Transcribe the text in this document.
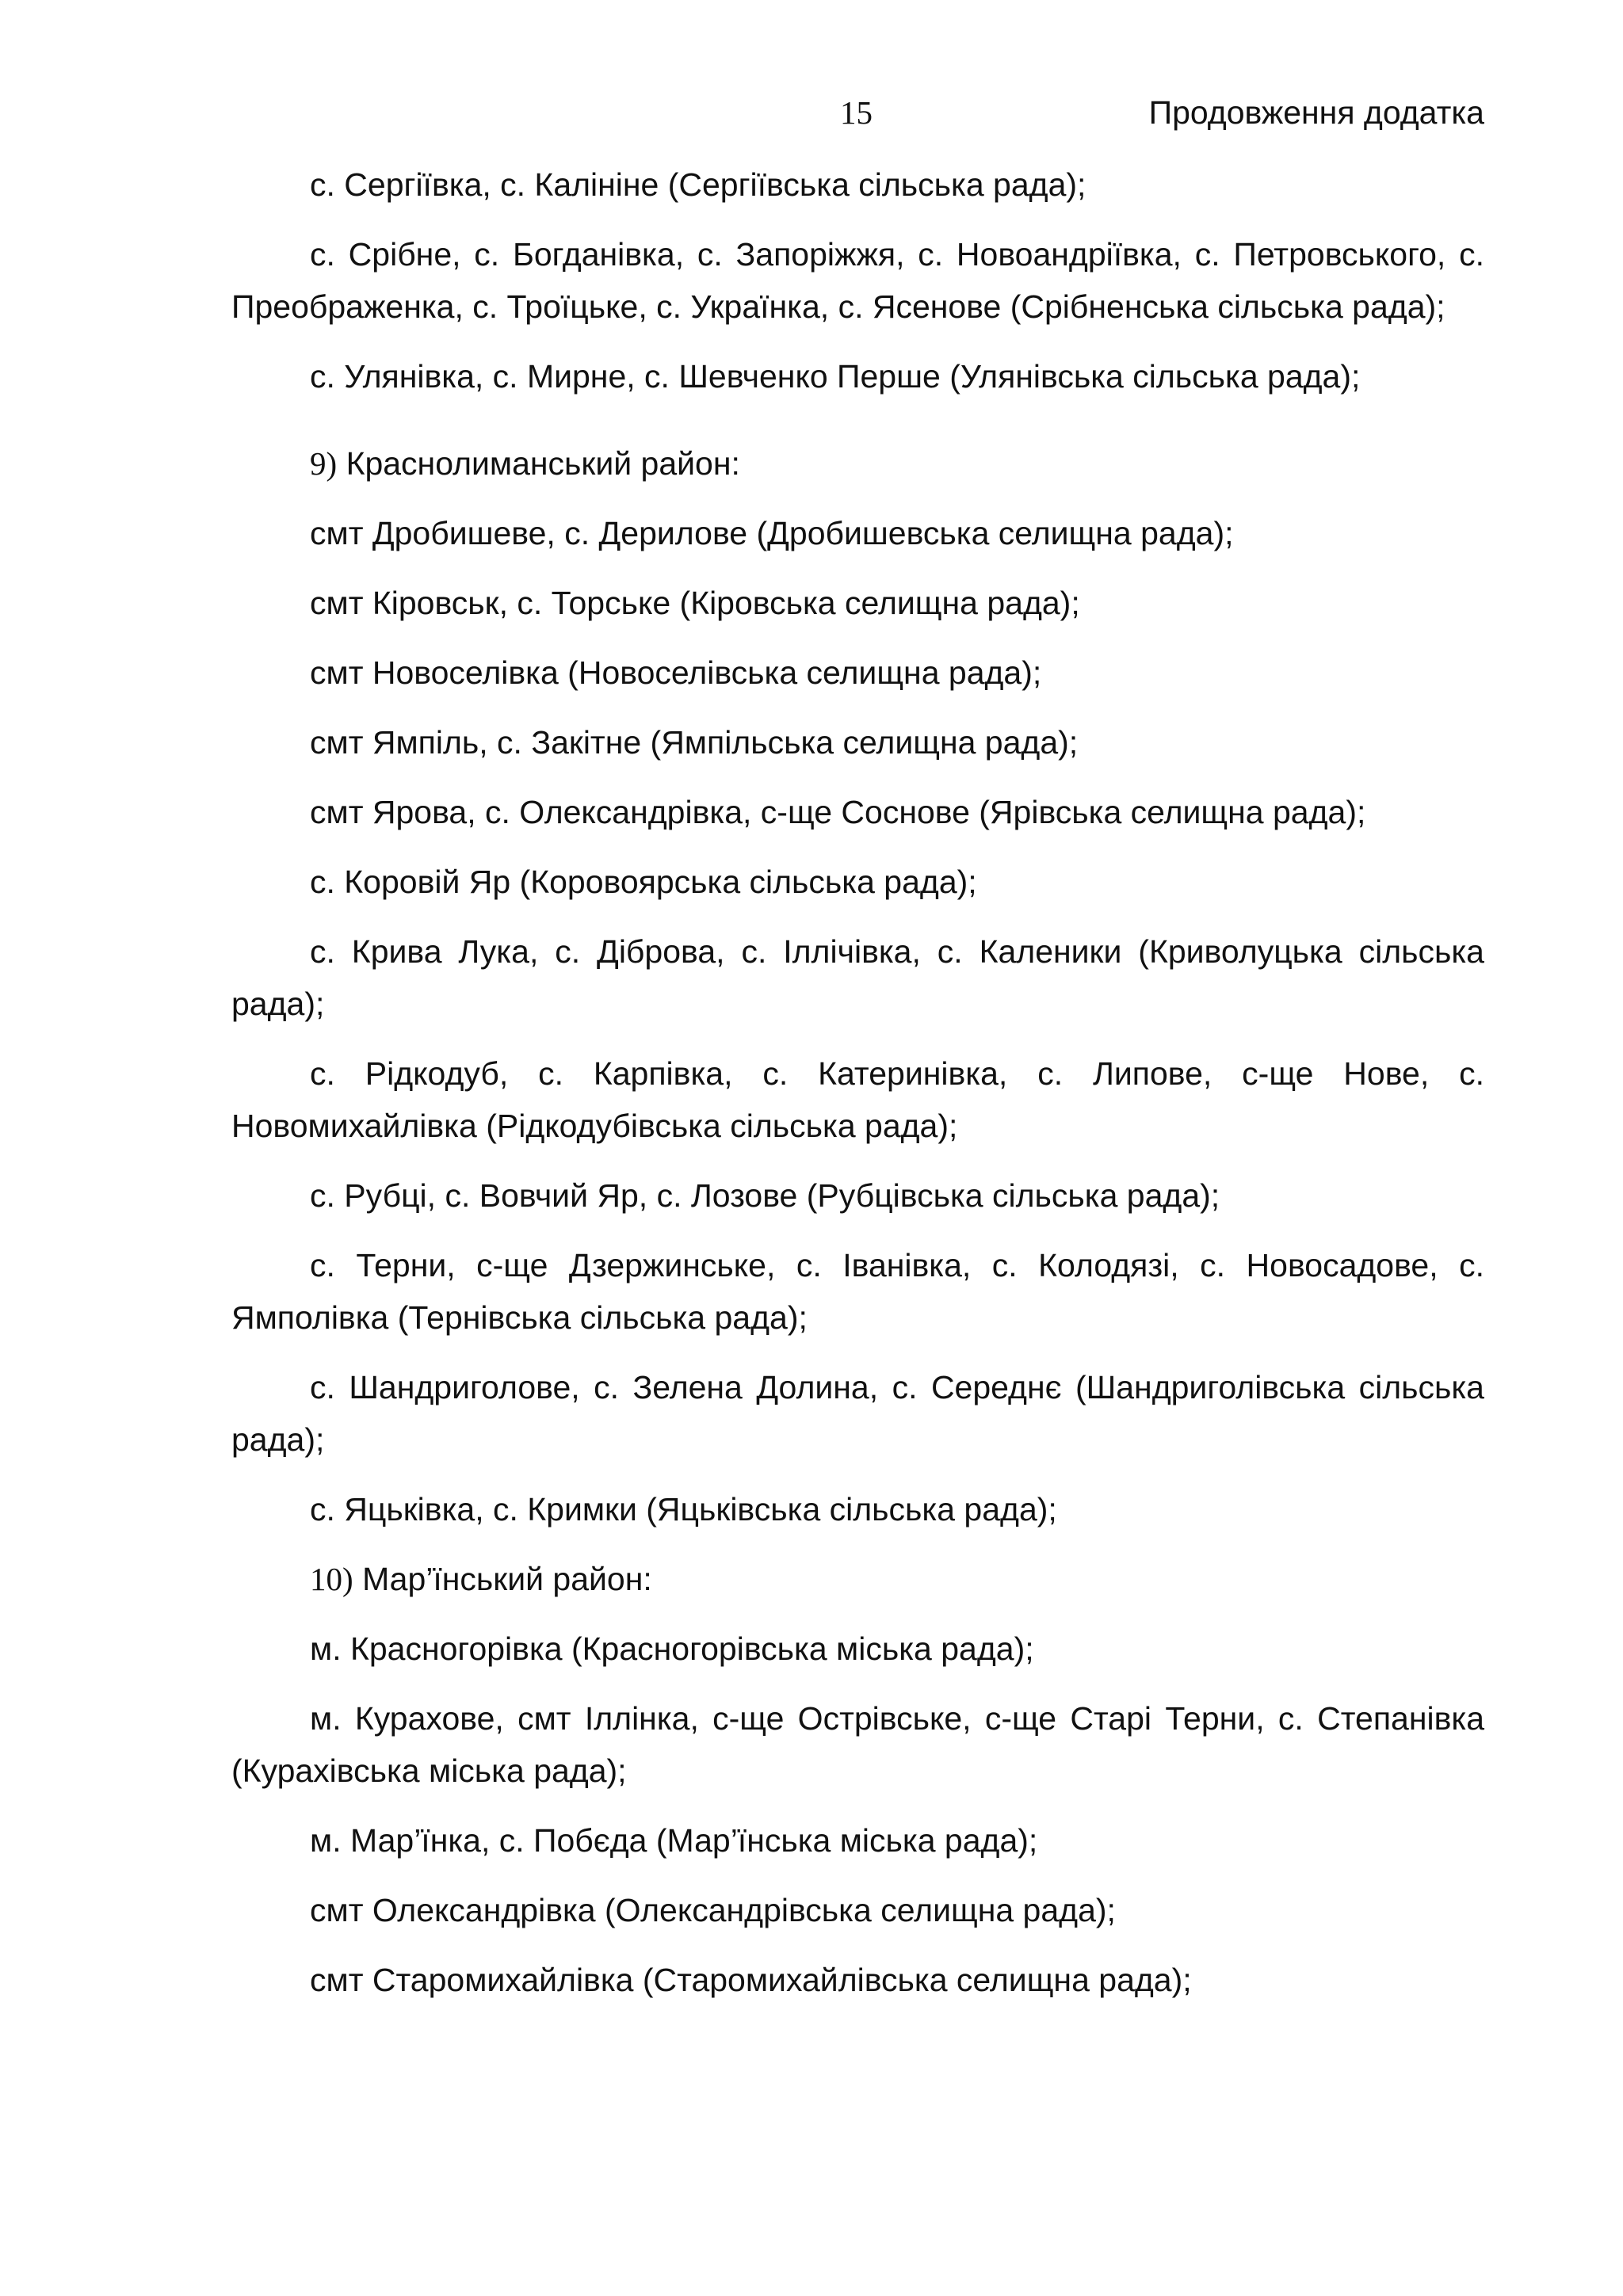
15	Продовження додатка

с. Сергіївка, с. Калініне (Сергіївська сільська рада);

с. Срібне, с. Богданівка, с. Запоріжжя, с. Новоандріївка, с. Петровського, с. Преображенка, с. Троїцьке, с. Українка, с. Ясенове (Срібненська сільська рада);

с. Улянівка, с. Мирне, с. Шевченко Перше (Улянівська сільська рада);

9) Краснолиманський район:

смт Дробишеве, с. Дерилове (Дробишевська селищна рада);

смт Кіровськ, с. Торське (Кіровська селищна рада);

смт Новоселівка (Новоселівська селищна рада);

смт Ямпіль, с. Закітне (Ямпільська селищна рада);

смт Ярова, с. Олександрівка, с-ще Соснове (Ярівська селищна рада);

с. Коровій Яр (Коровоярська сільська рада);

с. Крива Лука, с. Діброва, с. Іллічівка, с. Каленики (Криволуцька сільська рада);

с. Рідкодуб, с. Карпівка, с. Катеринівка, с. Липове, с-ще Нове, с. Новомихайлівка (Рідкодубівська сільська рада);

с. Рубці, с. Вовчий Яр, с. Лозове (Рубцівська сільська рада);

с. Терни, с-ще Дзержинське, с. Іванівка, с. Колодязі, с. Новосадове, с. Ямполівка (Тернівська сільська рада);

с. Шандриголове, с. Зелена Долина, с. Середнє (Шандриголівська сільська рада);

с. Яцьківка, с. Кримки (Яцьківська сільська рада);

10) Мар’їнський район:

м. Красногорівка (Красногорівська міська рада);

м. Курахове, смт Іллінка, с-ще Острівське, с-ще Старі Терни, с. Степанівка (Курахівська міська рада);

м. Мар’їнка, с. Побєда (Мар’їнська міська рада);

смт Олександрівка (Олександрівська селищна рада);

смт Старомихайлівка (Старомихайлівська селищна рада);
